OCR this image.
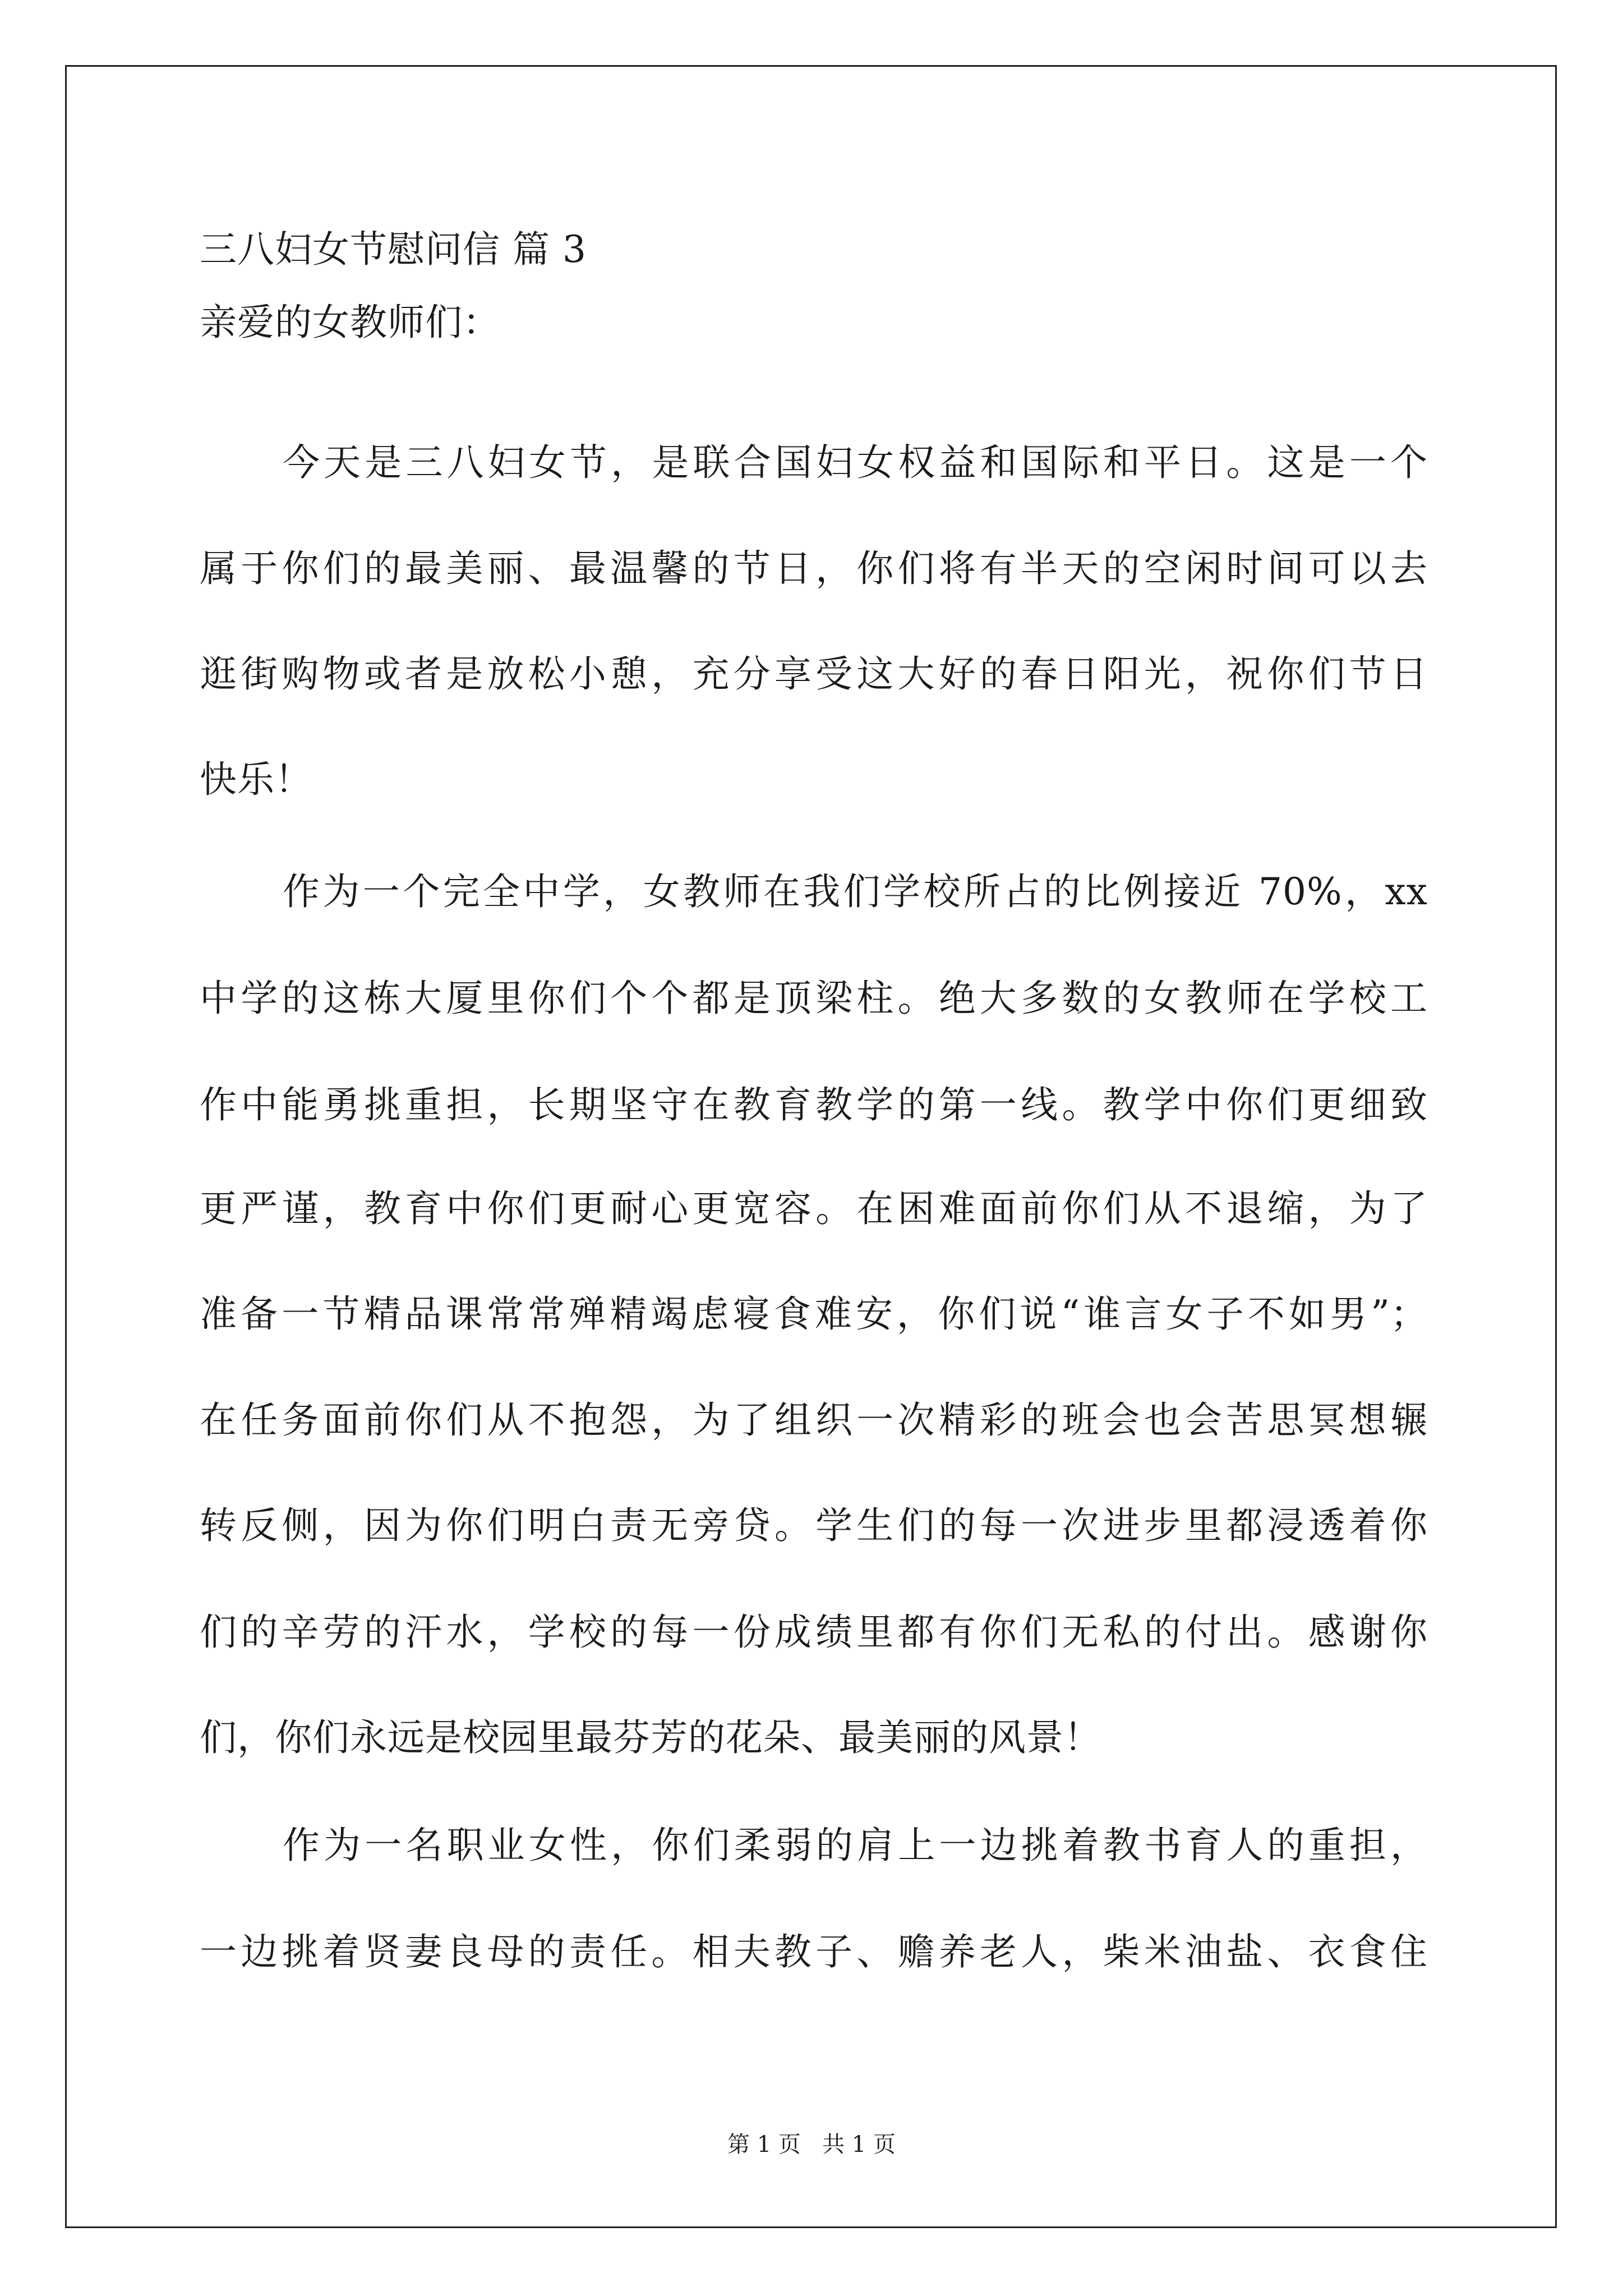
三八妇女节慰问信 篇 3
亲爱的女教师们：
今天是三八妇女节，是联合国妇女权益和国际和平日。这是一个
属于你们的最美丽、最温馨的节日，你们将有半天的空闲时间可以去
逛街购物或者是放松小憩，充分享受这大好的春日阳光，祝你们节日
快乐！
作为一个完全中学，女教师在我们学校所占的比例接近 70%，xx
中学的这栋大厦里你们个个都是顶梁柱。绝大多数的女教师在学校工
作中能勇挑重担，长期坚守在教育教学的第一线。教学中你们更细致
更严谨，教育中你们更耐心更宽容。在困难面前你们从不退缩，为了
准备一节精品课常常殚精竭虑寝食难安，你们说“谁言女子不如男”；
在任务面前你们从不抱怨，为了组织一次精彩的班会也会苦思冥想辗
转反侧，因为你们明白责无旁贷。学生们的每一次进步里都浸透着你
们的辛劳的汗水，学校的每一份成绩里都有你们无私的付出。感谢你
们，你们永远是校园里最芬芳的花朵、最美丽的风景！
作为一名职业女性，你们柔弱的肩上一边挑着教书育人的重担，
一边挑着贤妻良母的责任。相夫教子、赡养老人，柴米油盐、衣食住
第 1 页   共 1 页
